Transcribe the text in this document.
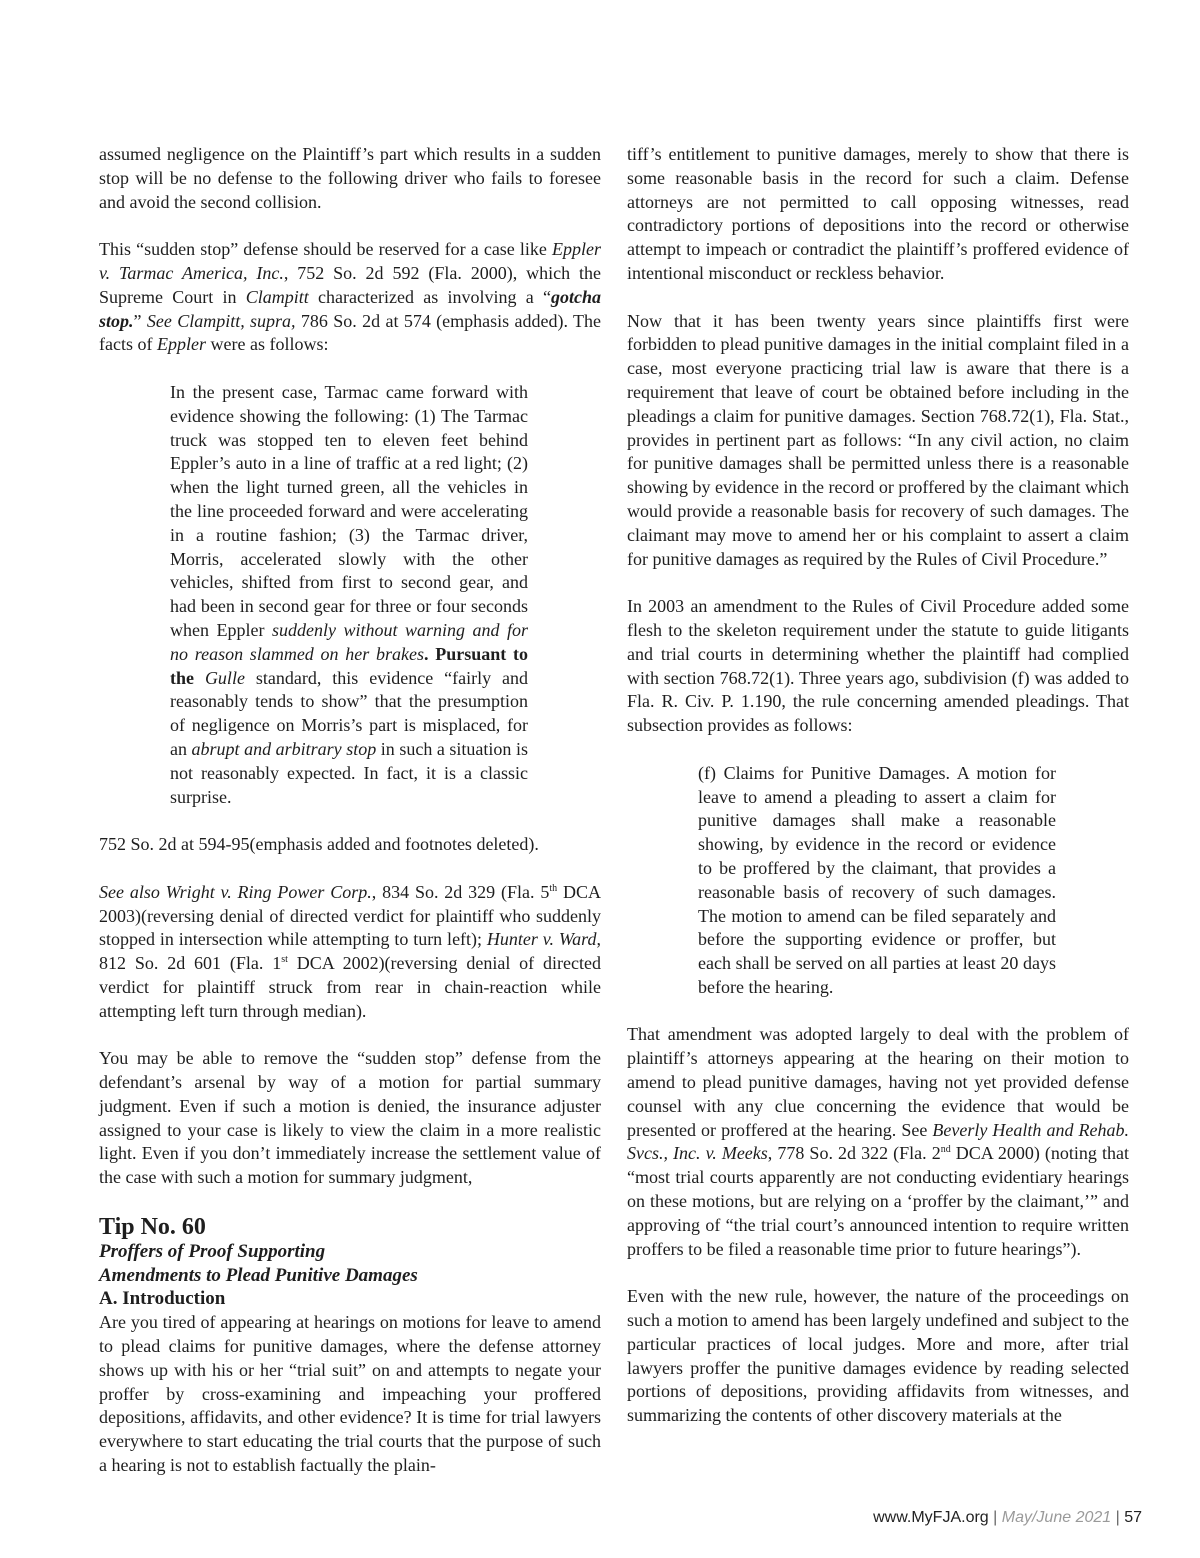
assumed negligence on the Plaintiff’s part which results in a sudden stop will be no defense to the following driver who fails to foresee and avoid the second collision.

This “sudden stop” defense should be reserved for a case like Eppler v. Tarmac America, Inc., 752 So. 2d 592 (Fla. 2000), which the Supreme Court in Clampitt characterized as involving a “gotcha stop.” See Clampitt, supra, 786 So. 2d at 574 (emphasis added). The facts of Eppler were as follows:

In the present case, Tarmac came forward with evidence showing the following: (1) The Tarmac truck was stopped ten to eleven feet behind Eppler’s auto in a line of traffic at a red light; (2) when the light turned green, all the vehicles in the line proceeded forward and were accelerating in a routine fashion; (3) the Tarmac driver, Morris, accelerated slowly with the other vehicles, shifted from first to second gear, and had been in second gear for three or four seconds when Eppler suddenly without warning and for no reason slammed on her brakes. Pursuant to the Gulle standard, this evidence “fairly and reasonably tends to show” that the presumption of negligence on Morris’s part is misplaced, for an abrupt and arbitrary stop in such a situation is not reasonably expected. In fact, it is a classic surprise.

752 So. 2d at 594-95(emphasis added and footnotes deleted).

See also Wright v. Ring Power Corp., 834 So. 2d 329 (Fla. 5th DCA 2003)(reversing denial of directed verdict for plaintiff who suddenly stopped in intersection while attempting to turn left); Hunter v. Ward, 812 So. 2d 601 (Fla. 1st DCA 2002)(reversing denial of directed verdict for plaintiff struck from rear in chain-reaction while attempting left turn through median).

You may be able to remove the “sudden stop” defense from the defendant’s arsenal by way of a motion for partial summary judgment. Even if such a motion is denied, the insurance adjuster assigned to your case is likely to view the claim in a more realistic light. Even if you don’t immediately increase the settlement value of the case with such a motion for summary judgment,

Tip No. 60
Proffers of Proof Supporting
Amendments to Plead Punitive Damages
A. Introduction

Are you tired of appearing at hearings on motions for leave to amend to plead claims for punitive damages, where the defense attorney shows up with his or her “trial suit” on and attempts to negate your proffer by cross-examining and impeaching your proffered depositions, affidavits, and other evidence? It is time for trial lawyers everywhere to start educating the trial courts that the purpose of such a hearing is not to establish factually the plain-

tiff’s entitlement to punitive damages, merely to show that there is some reasonable basis in the record for such a claim. Defense attorneys are not permitted to call opposing witnesses, read contradictory portions of depositions into the record or otherwise attempt to impeach or contradict the plaintiff’s proffered evidence of intentional misconduct or reckless behavior.

Now that it has been twenty years since plaintiffs first were forbidden to plead punitive damages in the initial complaint filed in a case, most everyone practicing trial law is aware that there is a requirement that leave of court be obtained before including in the pleadings a claim for punitive damages. Section 768.72(1), Fla. Stat., provides in pertinent part as follows: “In any civil action, no claim for punitive damages shall be permitted unless there is a reasonable showing by evidence in the record or proffered by the claimant which would provide a reasonable basis for recovery of such damages. The claimant may move to amend her or his complaint to assert a claim for punitive damages as required by the Rules of Civil Procedure.”

In 2003 an amendment to the Rules of Civil Procedure added some flesh to the skeleton requirement under the statute to guide litigants and trial courts in determining whether the plaintiff had complied with section 768.72(1). Three years ago, subdivision (f) was added to Fla. R. Civ. P. 1.190, the rule concerning amended pleadings. That subsection provides as follows:

(f) Claims for Punitive Damages. A motion for leave to amend a pleading to assert a claim for punitive damages shall make a reasonable showing, by evidence in the record or evidence to be proffered by the claimant, that provides a reasonable basis of recovery of such damages. The motion to amend can be filed separately and before the supporting evidence or proffer, but each shall be served on all parties at least 20 days before the hearing.

That amendment was adopted largely to deal with the problem of plaintiff’s attorneys appearing at the hearing on their motion to amend to plead punitive damages, having not yet provided defense counsel with any clue concerning the evidence that would be presented or proffered at the hearing. See Beverly Health and Rehab. Svcs., Inc. v. Meeks, 778 So. 2d 322 (Fla. 2nd DCA 2000) (noting that “most trial courts apparently are not conducting evidentiary hearings on these motions, but are relying on a ‘proffer by the claimant,’” and approving of “the trial court’s announced intention to require written proffers to be filed a reasonable time prior to future hearings”).

Even with the new rule, however, the nature of the proceedings on such a motion to amend has been largely undefined and subject to the particular practices of local judges. More and more, after trial lawyers proffer the punitive damages evidence by reading selected portions of depositions, providing affidavits from witnesses, and summarizing the contents of other discovery materials at the

www.MyFJA.org | May/June 2021 | 57
